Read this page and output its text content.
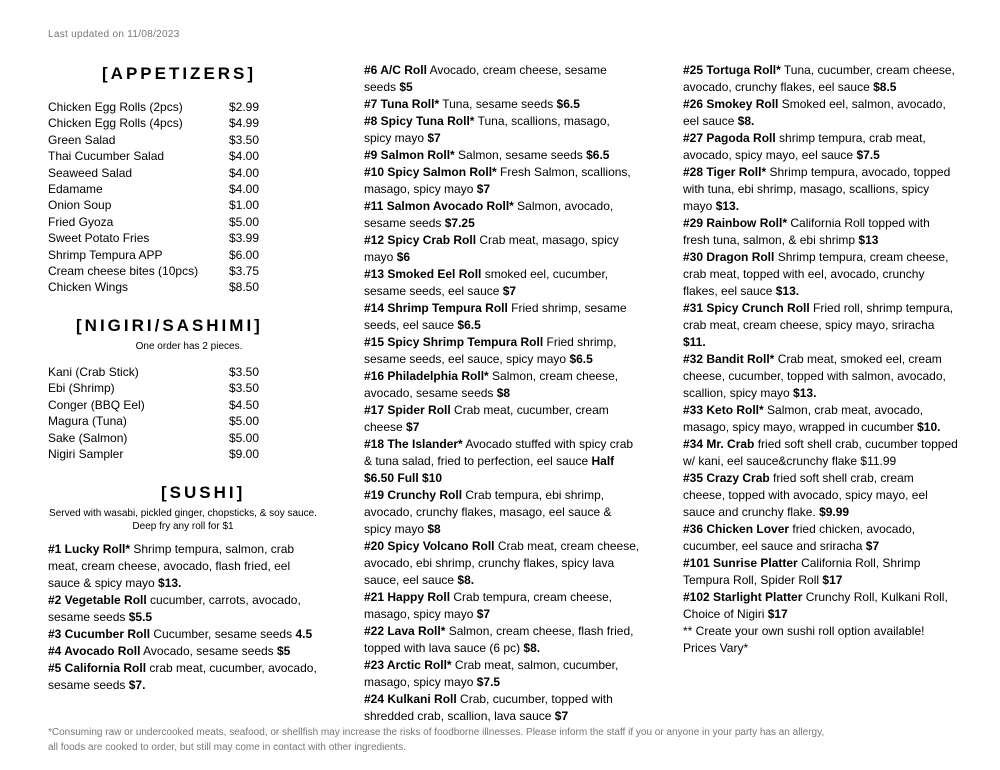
Last updated on 11/08/2023
[APPETIZERS]
Chicken Egg Rolls (2pcs)	$2.99
Chicken Egg Rolls (4pcs)	$4.99
Green Salad	$3.50
Thai Cucumber Salad	$4.00
Seaweed Salad	$4.00
Edamame	$4.00
Onion Soup	$1.00
Fried Gyoza	$5.00
Sweet Potato Fries	$3.99
Shrimp Tempura APP	$6.00
Cream cheese bites (10pcs)	$3.75
Chicken Wings	$8.50
[NIGIRI/SASHIMI]
One order has 2 pieces.
Kani (Crab Stick)	$3.50
Ebi (Shrimp)	$3.50
Conger (BBQ Eel)	$4.50
Magura (Tuna)	$5.00
Sake (Salmon)	$5.00
Nigiri Sampler	$9.00
[SUSHI]
Served with wasabi, pickled ginger, chopsticks, & soy sauce. Deep fry any roll for $1

#1 Lucky Roll* Shrimp tempura, salmon, crab meat, cream cheese, avocado, flash fried, eel sauce & spicy mayo $13.

#2 Vegetable Roll cucumber, carrots, avocado, sesame seeds $5.5

#3 Cucumber Roll Cucumber, sesame seeds 4.5

#4 Avocado Roll Avocado, sesame seeds $5

#5 California Roll crab meat, cucumber, avocado, sesame seeds $7.

#6 A/C Roll Avocado, cream cheese, sesame seeds $5

#7 Tuna Roll* Tuna, sesame seeds $6.5

#8 Spicy Tuna Roll* Tuna, scallions, masago, spicy mayo $7

#9 Salmon Roll* Salmon, sesame seeds $6.5

#10 Spicy Salmon Roll* Fresh Salmon, scallions, masago, spicy mayo $7

#11 Salmon Avocado Roll* Salmon, avocado, sesame seeds $7.25

#12 Spicy Crab Roll Crab meat, masago, spicy mayo $6

#13 Smoked Eel Roll smoked eel, cucumber, sesame seeds, eel sauce $7

#14 Shrimp Tempura Roll Fried shrimp, sesame seeds, eel sauce $6.5

#15 Spicy Shrimp Tempura Roll Fried shrimp, sesame seeds, eel sauce, spicy mayo $6.5

#16 Philadelphia Roll* Salmon, cream cheese, avocado, sesame seeds $8

#17 Spider Roll Crab meat, cucumber, cream cheese $7

#18 The Islander* Avocado stuffed with spicy crab & tuna salad, fried to perfection, eel sauce Half $6.50 Full $10

#19 Crunchy Roll Crab tempura, ebi shrimp, avocado, crunchy flakes, masago, eel sauce & spicy mayo $8

#20 Spicy Volcano Roll Crab meat, cream cheese, avocado, ebi shrimp, crunchy flakes, spicy lava sauce, eel sauce $8.

#21 Happy Roll Crab tempura, cream cheese, masago, spicy mayo $7

#22 Lava Roll* Salmon, cream cheese, flash fried, topped with lava sauce (6 pc) $8.

#23 Arctic Roll* Crab meat, salmon, cucumber, masago, spicy mayo $7.5

#24 Kulkani Roll Crab, cucumber, topped with shredded crab, scallion, lava sauce $7

#25 Tortuga Roll* Tuna, cucumber, cream cheese, avocado, crunchy flakes, eel sauce $8.5

#26 Smokey Roll Smoked eel, salmon, avocado, eel sauce $8.

#27 Pagoda Roll shrimp tempura, crab meat, avocado, spicy mayo, eel sauce $7.5

#28 Tiger Roll* Shrimp tempura, avocado, topped with tuna, ebi shrimp, masago, scallions, spicy mayo $13.

#29 Rainbow Roll* California Roll topped with fresh tuna, salmon, & ebi shrimp $13

#30 Dragon Roll Shrimp tempura, cream cheese, crab meat, topped with eel, avocado, crunchy flakes, eel sauce $13.

#31 Spicy Crunch Roll Fried roll, shrimp tempura, crab meat, cream cheese, spicy mayo, sriracha $11.

#32 Bandit Roll* Crab meat, smoked eel, cream cheese, cucumber, topped with salmon, avocado, scallion, spicy mayo $13.

#33 Keto Roll* Salmon, crab meat, avocado, masago, spicy mayo, wrapped in cucumber $10.

#34 Mr. Crab fried soft shell crab, cucumber topped w/ kani, eel sauce&crunchy flake $11.99

#35 Crazy Crab fried soft shell crab, cream cheese, topped with avocado, spicy mayo, eel sauce and crunchy flake. $9.99

#36 Chicken Lover fried chicken, avocado, cucumber, eel sauce and sriracha $7

#101 Sunrise Platter California Roll, Shrimp Tempura Roll, Spider Roll $17

#102 Starlight Platter Crunchy Roll, Kulkani Roll, Choice of Nigiri $17

** Create your own sushi roll option available! Prices Vary*

*Consuming raw or undercooked meats, seafood, or shellfish may increase the risks of foodborne illnesses. Please inform the staff if you or anyone in your party has an allergy,

all foods are cooked to order, but still may come in contact with other ingredients.
